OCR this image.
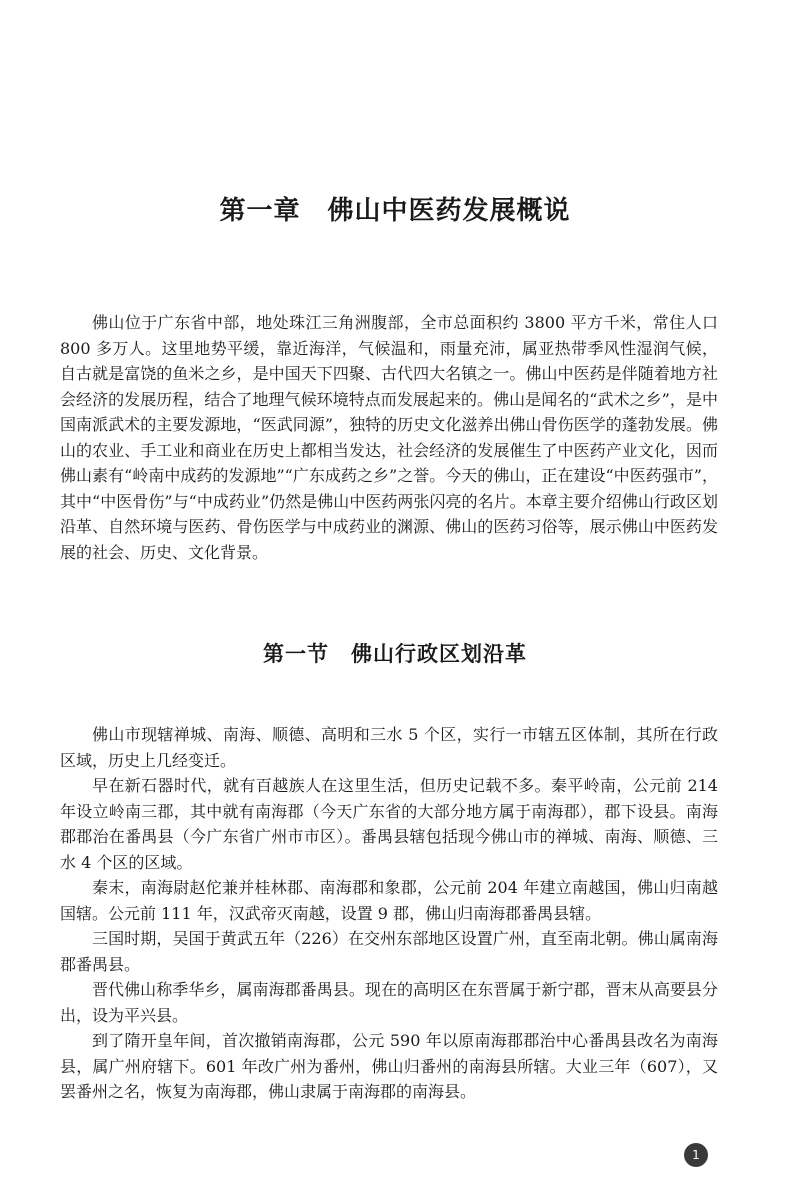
第一章　佛山中医药发展概说

佛山位于广东省中部，地处珠江三角洲腹部，全市总面积约 3800 平方千米，常住人口 800 多万人。这里地势平缓，靠近海洋，气候温和，雨量充沛，属亚热带季风性湿润气候，自古就是富饶的鱼米之乡，是中国天下四聚、古代四大名镇之一。佛山中医药是伴随着地方社会经济的发展历程，结合了地理气候环境特点而发展起来的。佛山是闻名的“武术之乡”，是中国南派武术的主要发源地，“医武同源”，独特的历史文化滋养出佛山骨伤医学的蓬勃发展。佛山的农业、手工业和商业在历史上都相当发达，社会经济的发展催生了中医药产业文化，因而佛山素有“岭南中成药的发源地”“广东成药之乡”之誉。今天的佛山，正在建设“中医药强市”，其中“中医骨伤”与“中成药业”仍然是佛山中医药两张闪亮的名片。本章主要介绍佛山行政区划沿革、自然环境与医药、骨伤医学与中成药业的渊源、佛山的医药习俗等，展示佛山中医药发展的社会、历史、文化背景。

第一节　佛山行政区划沿革

佛山市现辖禅城、南海、顺德、高明和三水 5 个区，实行一市辖五区体制，其所在行政区域，历史上几经变迁。

早在新石器时代，就有百越族人在这里生活，但历史记载不多。秦平岭南，公元前 214 年设立岭南三郡，其中就有南海郡（今天广东省的大部分地方属于南海郡），郡下设县。南海郡郡治在番禺县（今广东省广州市市区）。番禺县辖包括现今佛山市的禅城、南海、顺德、三水 4 个区的区域。

秦末，南海尉赵佗兼并桂林郡、南海郡和象郡，公元前 204 年建立南越国，佛山归南越国辖。公元前 111 年，汉武帝灭南越，设置 9 郡，佛山归南海郡番禺县辖。

三国时期，吴国于黄武五年（226）在交州东部地区设置广州，直至南北朝。佛山属南海郡番禺县。

晋代佛山称季华乡，属南海郡番禺县。现在的高明区在东晋属于新宁郡，晋末从高要县分出，设为平兴县。

到了隋开皇年间，首次撤销南海郡，公元 590 年以原南海郡郡治中心番禺县改名为南海县，属广州府辖下。601 年改广州为番州，佛山归番州的南海县所辖。大业三年（607），又罢番州之名，恢复为南海郡，佛山隶属于南海郡的南海县。

1
